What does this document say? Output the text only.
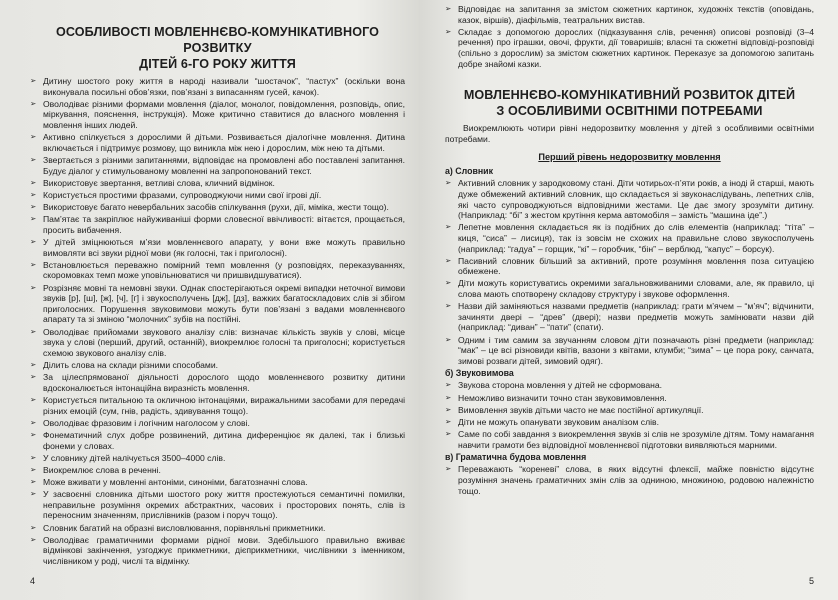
ОСОБЛИВОСТІ МОВЛЕННЄВО-КОМУНІКАТИВНОГО РОЗВИТКУ
ДІТЕЙ 6-ГО РОКУ ЖИТТЯ
➢ Дитину шостого року життя в народі називали “шостачок”, “пастух” (оскільки вона виконувала посильні обов’язки, пов’язані з випасанням гусей, качок).
➢ Оволодіває різними формами мовлення (діалог, монолог, повідомлення, розповідь, опис, міркування, пояснення, інструкція). Може критично ставитися до власного мовлення і мовлення інших людей.
➢ Активно спілкується з дорослими й дітьми. Розвивається діалогічне мовлення. Дитина включається і підтримує розмову, що виникла між нею і дорослим, між нею та дітьми.
➢ Звертається з різними запитаннями, відповідає на промовлені або поставлені запитання. Будує діалог у стимульованому мовленні на запропонований текст.
➢ Використовує звертання, ветливі слова, кличний відмінок.
➢ Користується простими фразами, супроводжуючи ними свої ігрові дії.
➢ Використовує багато невербальних засобів спілкування (рухи, дії, міміка, жести тощо).
➢ Пам’ятає та закріплює найуживаніші форми словесної ввічливості: вітаєтся, прощається, просить вибачення.
➢ У дітей зміцнюються м’язи мовленнєвого апарату, у вони вже можуть правильно вимовляти всі звуки рідної мови (як голосні, так і приголосні).
➢ Встановлюється переважно помірний темп мовлення (у розповідях, переказуваннях, скоромовках темп може уповільнюватися чи пришвидшуватися).
➢ Розрізняє мовні та немовні звуки. Однак спостерігаються окремі випадки неточної вимови звуків [р], [ш], [ж], [ч], [г] і звукосполучень [дж], [дз], важких багатоскладових слів зі збігом приголосних. Порушення звуковимови можуть бути пов’язані з вадами мовленнєвого апарату та зі зміною “молочних” зубів на постійні.
➢ Оволодіває прийомами звукового аналізу слів: визначає кількість звуків у слові, місце звука у слові (перший, другий, останній), виокремлює голосні та приголосні; користується схемою звукового аналізу слів.
➢ Ділить слова на склади різними способами.
➢ За цілеспрямованої діяльності дорослого щодо мовленнєвого розвитку дитини вдосконалюється інтонаційна виразність мовлення.
➢ Користується питальною та окличною інтонаціями, виражальними засобами для передачі різних емоцій (сум, гнів, радість, здивування тощо).
➢ Оволодіває фразовим і логічним наголосом у слові.
➢ Фонематичний слух добре розвинений, дитина диференціює як далекі, так і близькі фонеми у словах.
➢ У словнику дітей налічується 3500–4000 слів.
➢ Виокремлює слова в реченні.
➢ Може вживати у мовленні антоніми, синоніми, багатозначні слова.
➢ У засвоєнні словника дітьми шостого року життя простежуються семантичні помилки, неправильне розуміння окремих абстрактних, часових і просторових понять, слів із переносним значенням, прислівників (разом і поруч тощо).
➢ Словник багатий на образні висловлювання, порівняльні прикметники.
➢ Оволодіває граматичними формами рідної мови. Здебільшого правильно вживає відмінкові закінчення, узгоджує прикметники, дієприкметники, числівники з іменником, числівником у роді, числі та відмінку.
4
➢ Відповідає на запитання за змістом сюжетних картинок, художніх текстів (оповідань, казок, віршів), діафільмів, театральних вистав.
➢ Складає з допомогою дорослих (підказування слів, речення) описові розповіді (3–4 речення) про іграшки, овочі, фрукти, дії товаришів; власні та сюжетні відповіді-розповіді (спільно з дорослим) за змістом сюжетних картинок. Переказує за допомогою запитань добре знайомі казки.
МОВЛЕННЄВО-КОМУНІКАТИВНИЙ РОЗВИТОК ДІТЕЙ
З ОСОБЛИВИМИ ОСВІТНІМИ ПОТРЕБАМИ

Виокремлюють чотири рівні недорозвитку мовлення у дітей з особливими освітніми потребами.

Перший рівень недорозвитку мовлення
а) Словник
➢ Активний словник у зародковому стані. Діти чотирьох-п’яти років, а іноді й старші, мають дуже обмежений активний словник, що складається зі звуконаслідувань, лепетних слів, які часто супроводжуються відповідними жестами. Це дає змогу зрозуміти дитину. (Наприклад: “бі” з жестом крутіння керма автомобіля – замість “машина іде”.)
➢ Лепетне мовлення складається як із подібних до слів елементів (наприклад: “тіта” – киця, “сиса” – лисиця), так із зовсім не схожих на правильне слово звукосполучень (наприклад: “гадуа” – горщик, “кі” – горобчик, “бін” – верблюд, “капус” – борсук).
➢ Пасивний словник більший за активний, проте розуміння мовлення поза ситуацією обмежене.
➢ Діти можуть користуватись окремими загальновживаними словами, але, як правило, ці слова мають спотворену складову структуру і звукове оформлення.
➢ Назви дій заміняються назвами предметів (наприклад: грати м’ячем – “м’яч”; відчинити, зачиняти двері – “древ” (двері); назви предметів можуть замінювати назви дій (наприклад: “диван” – “пати” (спати).
➢ Одним і тим самим за звучанням словом діти позначають різні предмети (наприклад: “мак” – це всі різновиди квітів, вазони з квітами, клумби; “зима” – це пора року, санчата, зимові розваги дітей, зимовий одяг).
б) Звуковимова
➢ Звукова сторона мовлення у дітей не сформована.
➢ Неможливо визначити точно стан звуковимовлення.
➢ Вимовлення звуків дітьми часто не має постійної артикуляції.
➢ Діти не можуть опанувати звуковим аналізом слів.
➢ Саме по собі завдання з виокремлення звуків зі слів не зрозуміле дітям. Тому намагання навчити грамоти без відповідної мовленнєвої підготовки виявляються марними.
в) Граматична будова мовлення
➢ Переважають “кореневі” слова, в яких відсутні флексії, майже повністю відсутнє розуміння значень граматичних змін слів за одниною, множиною, родовою належністю тощо.
5
